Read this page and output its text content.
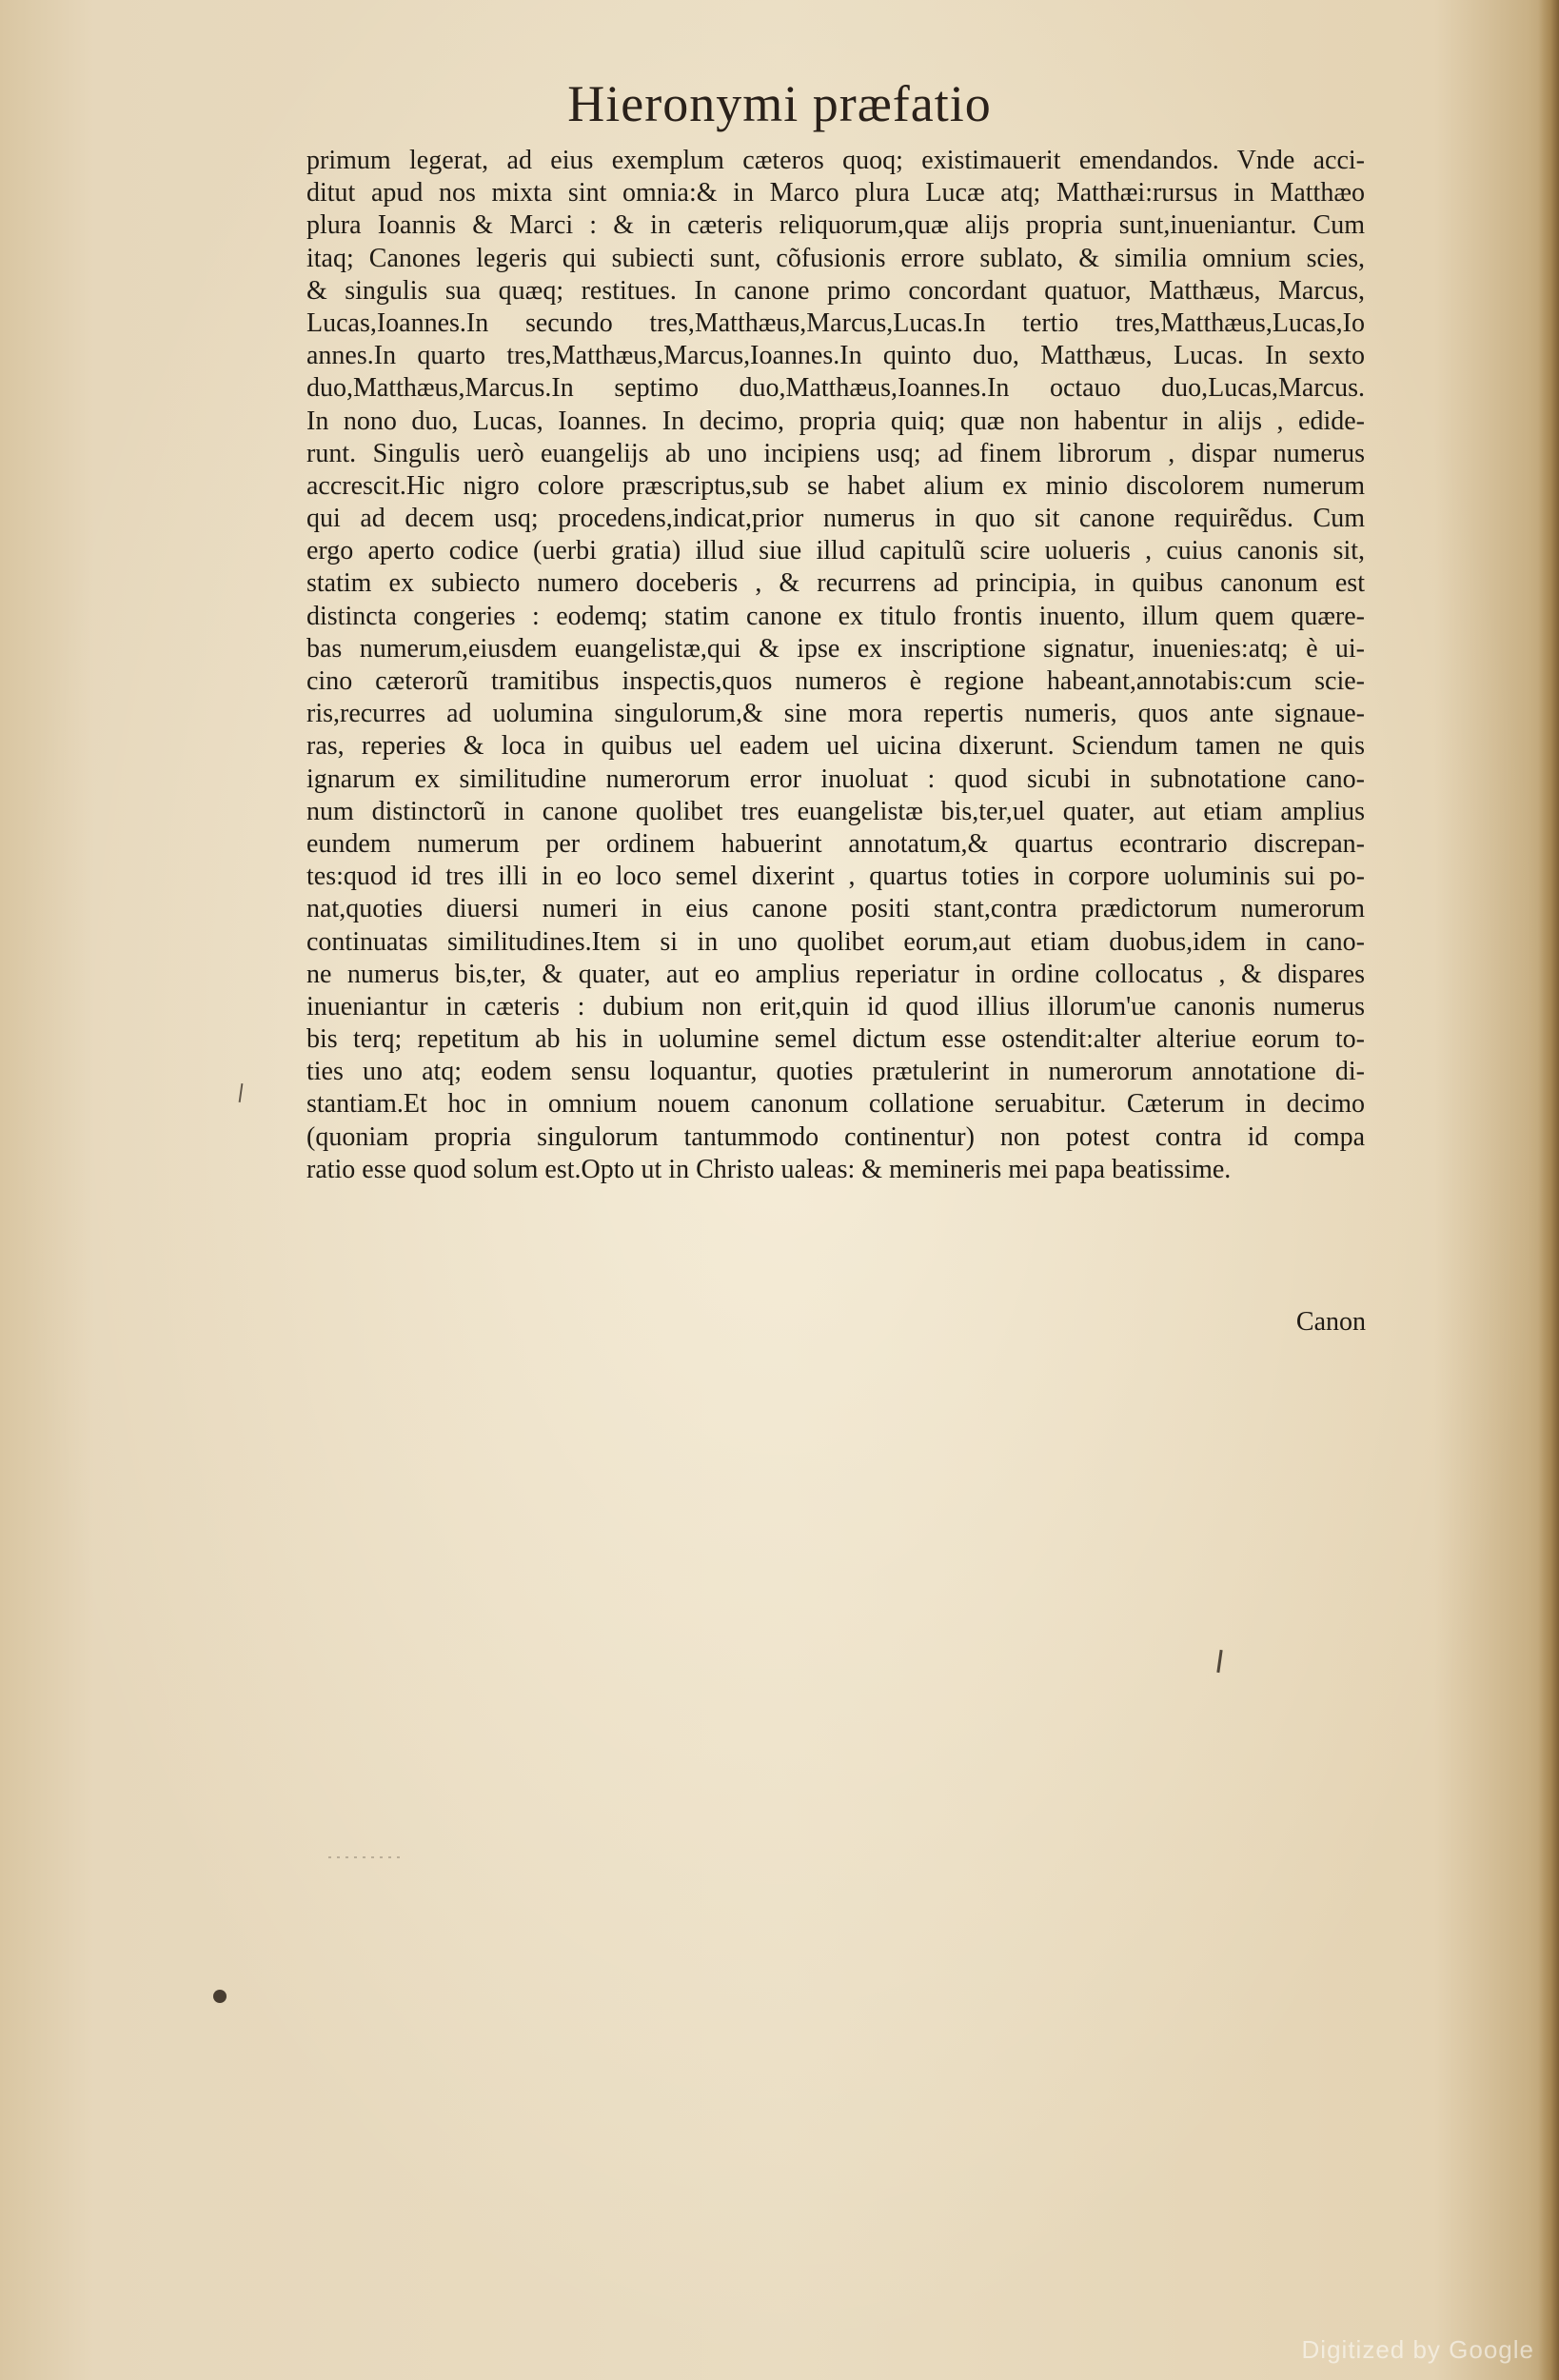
Hieronymi præfatio
primum legerat, ad eius exemplum cæteros quoq; existimauerit emendandos. Vnde acci-
ditut apud nos mixta sint omnia:& in Marco plura Lucæ atq; Matthæi:rursus in Matthæo
plura Ioannis & Marci : & in cæteris reliquorum,quæ alijs propria sunt,inueniantur. Cum
itaq; Canones legeris qui subiecti sunt, cõfusionis errore sublato, & similia omnium scies,
& singulis sua quæq; restitues. In canone primo concordant quatuor, Matthæus, Marcus,
Lucas,Ioannes.In secundo tres,Matthæus,Marcus,Lucas.In tertio tres,Matthæus,Lucas,Io
annes.In quarto tres,Matthæus,Marcus,Ioannes.In quinto duo, Matthæus, Lucas. In sexto
duo,Matthæus,Marcus.In septimo duo,Matthæus,Ioannes.In octauo duo,Lucas,Marcus.
In nono duo, Lucas, Ioannes. In decimo, propria quiq; quæ non habentur in alijs , edide-
runt. Singulis uerò euangelijs ab uno incipiens usq; ad finem librorum , dispar numerus
accrescit.Hic nigro colore præscriptus,sub se habet alium ex minio discolorem numerum
qui ad decem usq; procedens,indicat,prior numerus in quo sit canone requirẽdus. Cum
ergo aperto codice (uerbi gratia) illud siue illud capitulũ scire uolueris , cuius canonis sit,
statim ex subiecto numero doceberis , & recurrens ad principia, in quibus canonum est
distincta congeries : eodemq; statim canone ex titulo frontis inuento, illum quem quære-
bas numerum,eiusdem euangelistæ,qui & ipse ex inscriptione signatur, inuenies:atq; è ui-
cino cæterorũ tramitibus inspectis,quos numeros è regione habeant,annotabis:cum scie-
ris,recurres ad uolumina singulorum,& sine mora repertis numeris, quos ante signaue-
ras, reperies & loca in quibus uel eadem uel uicina dixerunt. Sciendum tamen ne quis
ignarum ex similitudine numerorum error inuoluat : quod sicubi in subnotatione cano-
num distinctorũ in canone quolibet tres euangelistæ bis,ter,uel quater, aut etiam amplius
eundem numerum per ordinem habuerint annotatum,& quartus econtrario discrepan-
tes:quod id tres illi in eo loco semel dixerint , quartus toties in corpore uoluminis sui po-
nat,quoties diuersi numeri in eius canone positi stant,contra prædictorum numerorum
continuatas similitudines.Item si in uno quolibet eorum,aut etiam duobus,idem in cano-
ne numerus bis,ter, & quater, aut eo amplius reperiatur in ordine collocatus , & dispares
inueniantur in cæteris : dubium non erit,quin id quod illius illorum'ue canonis numerus
bis terq; repetitum ab his in uolumine semel dictum esse ostendit:alter alteriue eorum to-
ties uno atq; eodem sensu loquantur, quoties prætulerint in numerorum annotatione di-
stantiam.Et hoc in omnium nouem canonum collatione seruabitur. Cæterum in decimo
(quoniam propria singulorum tantummodo continentur) non potest contra id compa
ratio esse quod solum est.Opto ut in Christo ualeas: & memineris mei papa beatissime.
Canon
Digitized by Google
